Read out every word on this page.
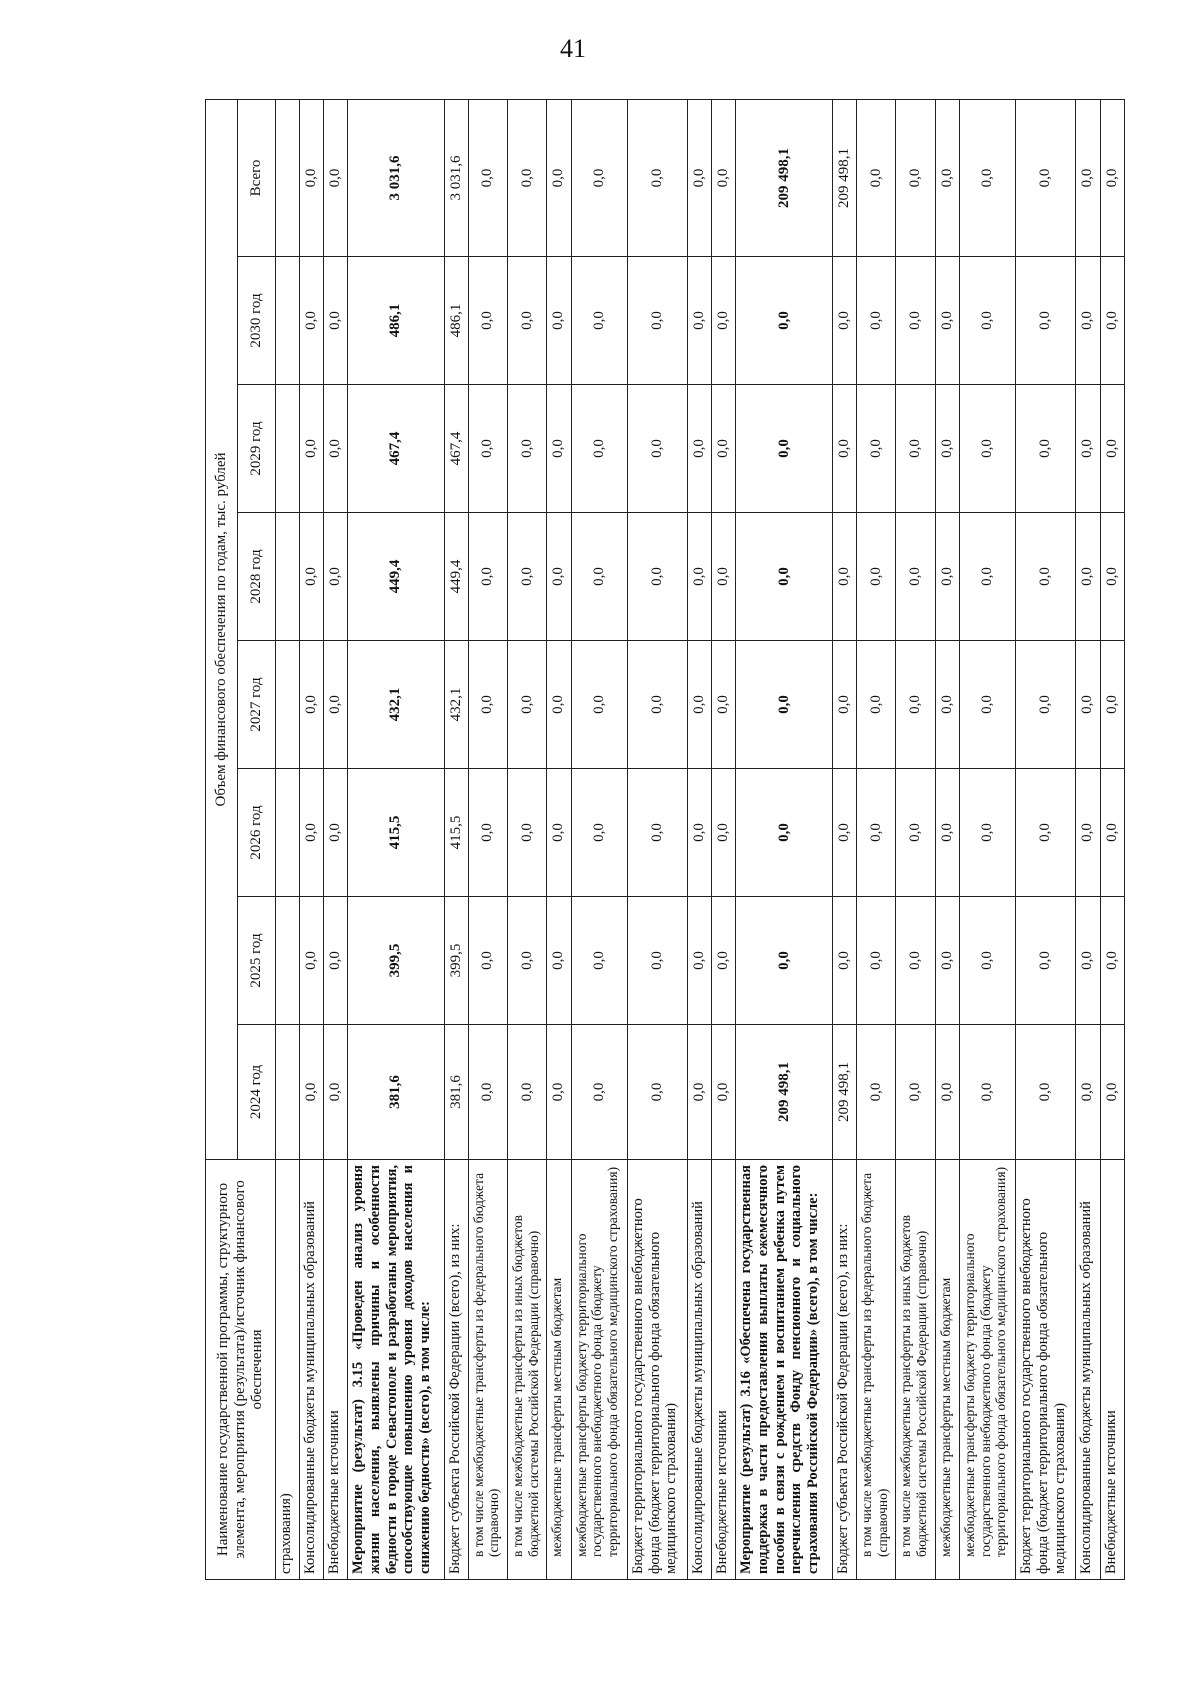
41
Наименование государственной программы, структурного элемента, мероприятия (результата)/источник финансового обеспечения	Объем финансового обеспечения по годам, тыс. рублей							
	2024 год	2025 год	2026 год	2027 год	2028 год	2029 год	2030 год	Всего
страхования)								
Консолидированные бюджеты муниципальных образований	0,0	0,0	0,0	0,0	0,0	0,0	0,0	0,0
Внебюджетные источники	0,0	0,0	0,0	0,0	0,0	0,0	0,0	0,0
Мероприятие (результат) 3.15 «Проведен анализ уровня жизни населения, выявлены причины и особенности бедности в городе Севастополе и разработаны мероприятия, способствующие повышению уровня доходов населения и снижению бедности» (всего), в том числе:	381,6	399,5	415,5	432,1	449,4	467,4	486,1	3 031,6
Бюджет субъекта Российской Федерации (всего), из них:	381,6	399,5	415,5	432,1	449,4	467,4	486,1	3 031,6
в том числе межбюджетные трансферты из федерального бюджета (справочно)	0,0	0,0	0,0	0,0	0,0	0,0	0,0	0,0
в том числе межбюджетные трансферты из иных бюджетов бюджетной системы Российской Федерации (справочно)	0,0	0,0	0,0	0,0	0,0	0,0	0,0	0,0
межбюджетные трансферты местным бюджетам	0,0	0,0	0,0	0,0	0,0	0,0	0,0	0,0
межбюджетные трансферты бюджету территориального государственного внебюджетного фонда (бюджету территориального фонда обязательного медицинского страхования)	0,0	0,0	0,0	0,0	0,0	0,0	0,0	0,0
Бюджет территориального государственного внебюджетного фонда (бюджет территориального фонда обязательного медицинского страхования)	0,0	0,0	0,0	0,0	0,0	0,0	0,0	0,0
Консолидированные бюджеты муниципальных образований	0,0	0,0	0,0	0,0	0,0	0,0	0,0	0,0
Внебюджетные источники	0,0	0,0	0,0	0,0	0,0	0,0	0,0	0,0
Мероприятие (результат) 3.16 «Обеспечена государственная поддержка в части предоставления выплаты ежемесячного пособия в связи с рождением и воспитанием ребенка путем перечисления средств Фонду пенсионного и социального страхования Российской Федерации» (всего), в том числе:	209 498,1	0,0	0,0	0,0	0,0	0,0	0,0	209 498,1
Бюджет субъекта Российской Федерации (всего), из них:	209 498,1	0,0	0,0	0,0	0,0	0,0	0,0	209 498,1
в том числе межбюджетные трансферты из федерального бюджета (справочно)	0,0	0,0	0,0	0,0	0,0	0,0	0,0	0,0
в том числе межбюджетные трансферты из иных бюджетов бюджетной системы Российской Федерации (справочно)	0,0	0,0	0,0	0,0	0,0	0,0	0,0	0,0
межбюджетные трансферты местным бюджетам	0,0	0,0	0,0	0,0	0,0	0,0	0,0	0,0
межбюджетные трансферты бюджету территориального государственного внебюджетного фонда (бюджету территориального фонда обязательного медицинского страхования)	0,0	0,0	0,0	0,0	0,0	0,0	0,0	0,0
Бюджет территориального государственного внебюджетного фонда (бюджет территориального фонда обязательного медицинского страхования)	0,0	0,0	0,0	0,0	0,0	0,0	0,0	0,0
Консолидированные бюджеты муниципальных образований	0,0	0,0	0,0	0,0	0,0	0,0	0,0	0,0
Внебюджетные источники	0,0	0,0	0,0	0,0	0,0	0,0	0,0	0,0
